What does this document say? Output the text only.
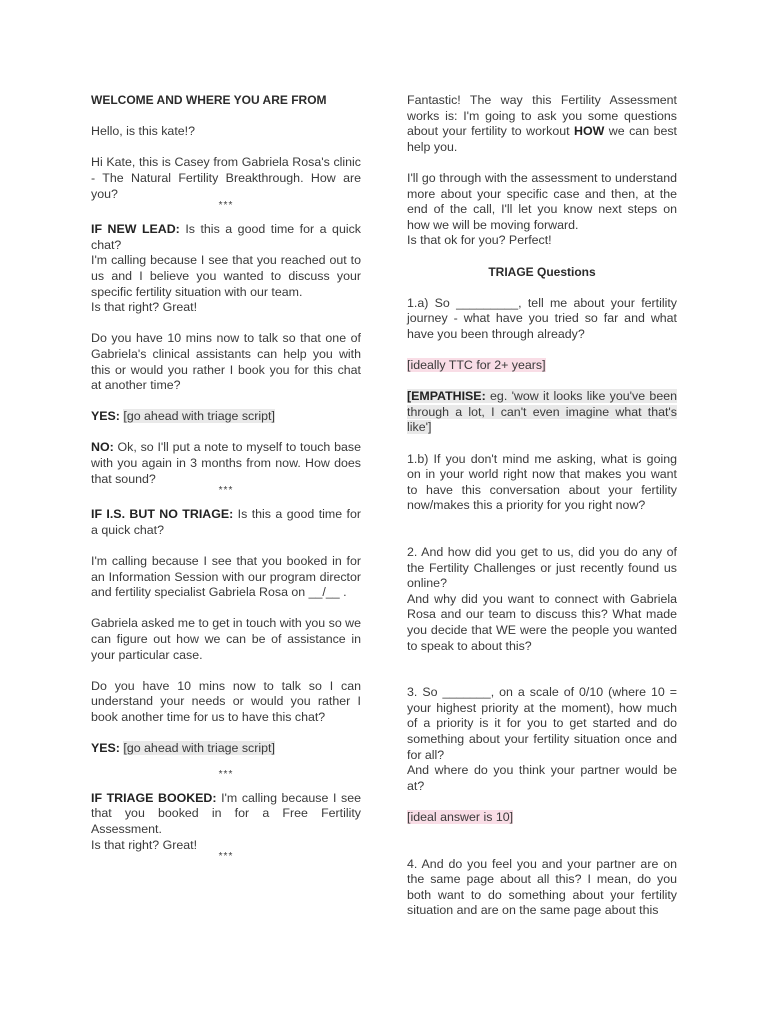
WELCOME AND WHERE YOU ARE FROM

Hello, is this kate!?

Hi Kate, this is Casey from Gabriela Rosa's clinic - The Natural Fertility Breakthrough. How are you?

***

IF NEW LEAD: Is this a good time for a quick chat?

I'm calling because I see that you reached out to us and I believe you wanted to discuss your specific fertility situation with our team.

Is that right? Great!

Do you have 10 mins now to talk so that one of Gabriela's clinical assistants can help you with this or would you rather I book you for this chat at another time?

YES: [go ahead with triage script]

NO: Ok, so I'll put a note to myself to touch base with you again in 3 months from now. How does that sound?

***

IF I.S. BUT NO TRIAGE: Is this a good time for a quick chat?

I'm calling because I see that you booked in for an Information Session with our program director and fertility specialist Gabriela Rosa on __/__ .

Gabriela asked me to get in touch with you so we can figure out how we can be of assistance in your particular case.

Do you have 10 mins now to talk so I can understand your needs or would you rather I book another time for us to have this chat?

YES: [go ahead with triage script]

***

IF TRIAGE BOOKED: I'm calling because I see that you booked in for a Free Fertility Assessment.

Is that right? Great!

***

Fantastic! The way this Fertility Assessment works is: I'm going to ask you some questions about your fertility to workout HOW we can best help you.

I'll go through with the assessment to understand more about your specific case and then, at the end of the call, I'll let you know next steps on how we will be moving forward.

Is that ok for you? Perfect!

TRIAGE Questions

1.a) So _________, tell me about your fertility journey - what have you tried so far and what have you been through already?

[ideally TTC for 2+ years]

[EMPATHISE: eg. 'wow it looks like you've been through a lot, I can't even imagine what that's like']

1.b) If you don't mind me asking, what is going on in your world right now that makes you want to have this conversation about your fertility now/makes this a priority for you right now?

2. And how did you get to us, did you do any of the Fertility Challenges or just recently found us online?

And why did you want to connect with Gabriela Rosa and our team to discuss this? What made you decide that WE were the people you wanted to speak to about this?

3. So _______, on a scale of 0/10 (where 10 = your highest priority at the moment), how much of a priority is it for you to get started and do something about your fertility situation once and for all?

And where do you think your partner would be at?

[ideal answer is 10]

4. And do you feel you and your partner are on the same page about all this? I mean, do you both want to do something about your fertility situation and are on the same page about this
